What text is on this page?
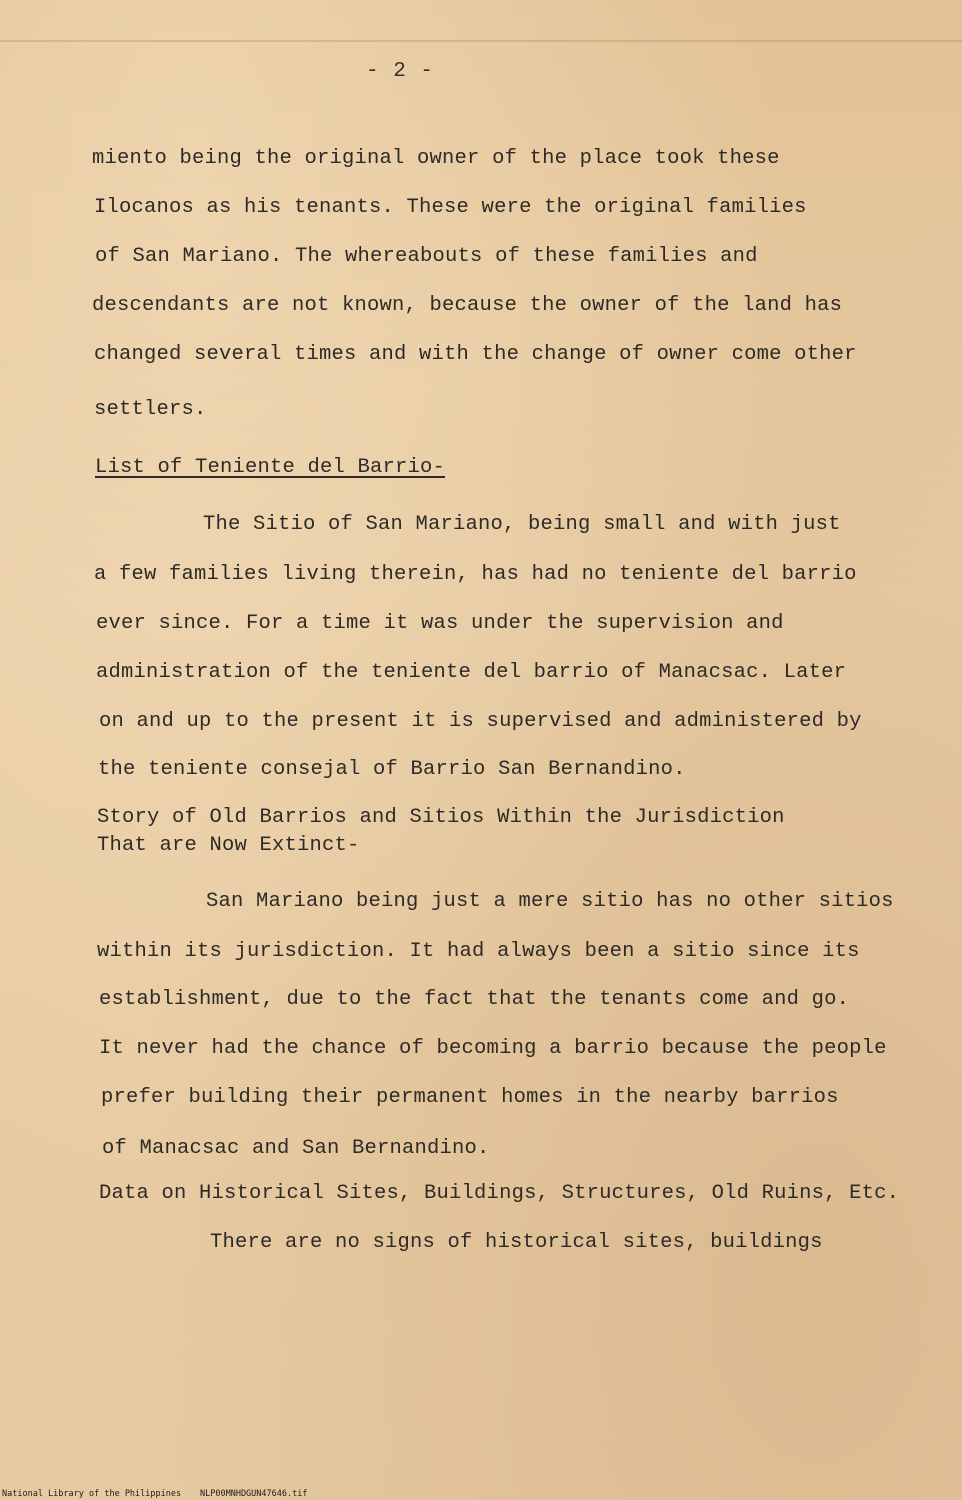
- 2 -
miento being the original owner of the place took these
Ilocanos as his tenants. These were the original families
of San Mariano. The whereabouts of these families and
descendants are not known, because the owner of the land has
changed several times and with the change of owner come other
settlers.
List of Teniente del Barrio-
The Sitio of San Mariano, being small and with just
a few families living therein, has had no teniente del barrio
ever since. For a time it was under the supervision and
administration of the teniente del barrio of Manacsac. Later
on and up to the present it is supervised and administered by
the teniente consejal of Barrio San Bernandino.
Story of Old Barrios and Sitios Within the Jurisdiction
That are Now Extinct-
San Mariano being just a mere sitio has no other sitios
within its jurisdiction. It had always been a sitio since its
establishment, due to the fact that the tenants come and go.
It never had the chance of becoming a barrio because the people
prefer building their permanent homes in the nearby barrios
of Manacsac and San Bernandino.
Data on Historical Sites, Buildings, Structures, Old Ruins, Etc.
There are no signs of historical sites, buildings
National Library of the Philippines NLP00MNHDGUN47646.tif
